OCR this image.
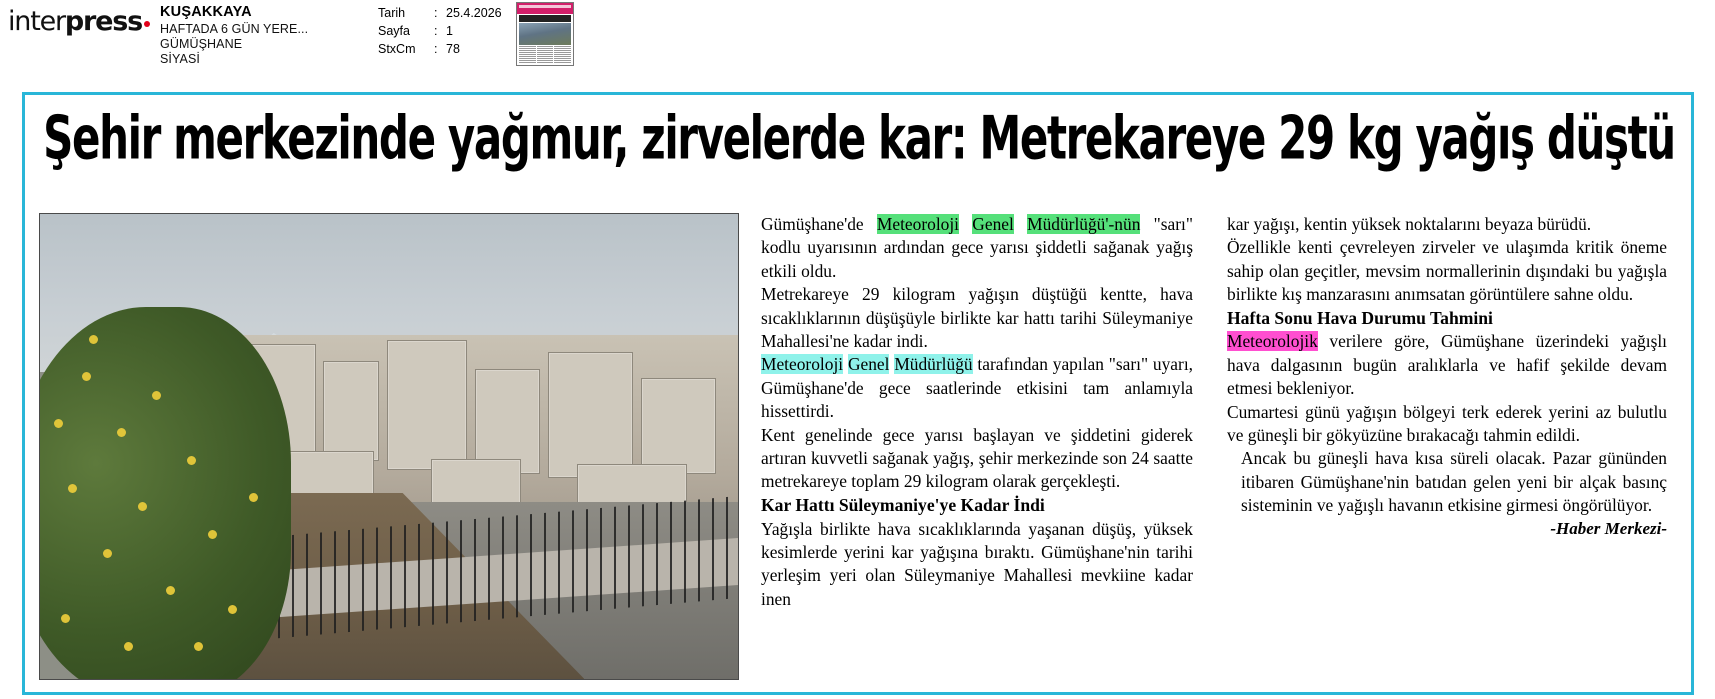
interpress	KUŞAKKAYA
HAFTADA 6 GÜN YERE...
GÜMÜŞHANE
SİYASİ
Tarih	: 25.4.2026
Sayfa	: 1
StxCm	: 78
Şehir merkezinde yağmur, zirvelerde kar: Metrekareye 29 kg yağış düştü

Gümüşhane'de Meteoroloji Genel Müdürlüğü'-nün "sarı" kodlu uyarısının ardından gece yarısı şiddetli sağanak yağış etkili oldu.

Metrekareye 29 kilogram yağışın düştüğü kentte, hava sıcaklıklarının düşüşüyle birlikte kar hattı tarihi Süleymaniye Mahallesi'ne kadar indi.

Meteoroloji Genel Müdürlüğü tarafından yapılan "sarı" uyarı, Gümüşhane'de gece saatlerinde etkisini tam anlamıyla hissettirdi.

Kent genelinde gece yarısı başlayan ve şiddetini giderek artıran kuvvetli sağanak yağış, şehir merkezinde son 24 saatte metrekareye toplam 29 kilogram olarak gerçekleşti.

Kar Hattı Süleymaniye'ye Kadar İndi

Yağışla birlikte hava sıcaklıklarında yaşanan düşüş, yüksek kesimlerde yerini kar yağışına bıraktı. Gümüşhane'nin tarihi yerleşim yeri olan Süleymaniye Mahallesi mevkiine kadar inen

kar yağışı, kentin yüksek noktalarını beyaza bürüdü.

Özellikle kenti çevreleyen zirveler ve ulaşımda kritik öneme sahip olan geçitler, mevsim normallerinin dışındaki bu yağışla birlikte kış manzarasını anımsatan görüntülere sahne oldu.

Hafta Sonu Hava Durumu Tahmini

Meteorolojik verilere göre, Gümüşhane üzerindeki yağışlı hava dalgasının bugün aralıklarla ve hafif şekilde devam etmesi bekleniyor.

Cumartesi günü yağışın bölgeyi terk ederek yerini az bulutlu ve güneşli bir gökyüzüne bırakacağı tahmin edildi.

Ancak bu güneşli hava kısa süreli olacak. Pazar gününden itibaren Gümüşhane'nin batıdan gelen yeni bir alçak basınç sisteminin ve yağışlı havanın etkisine girmesi öngörülüyor.

-Haber Merkezi-
